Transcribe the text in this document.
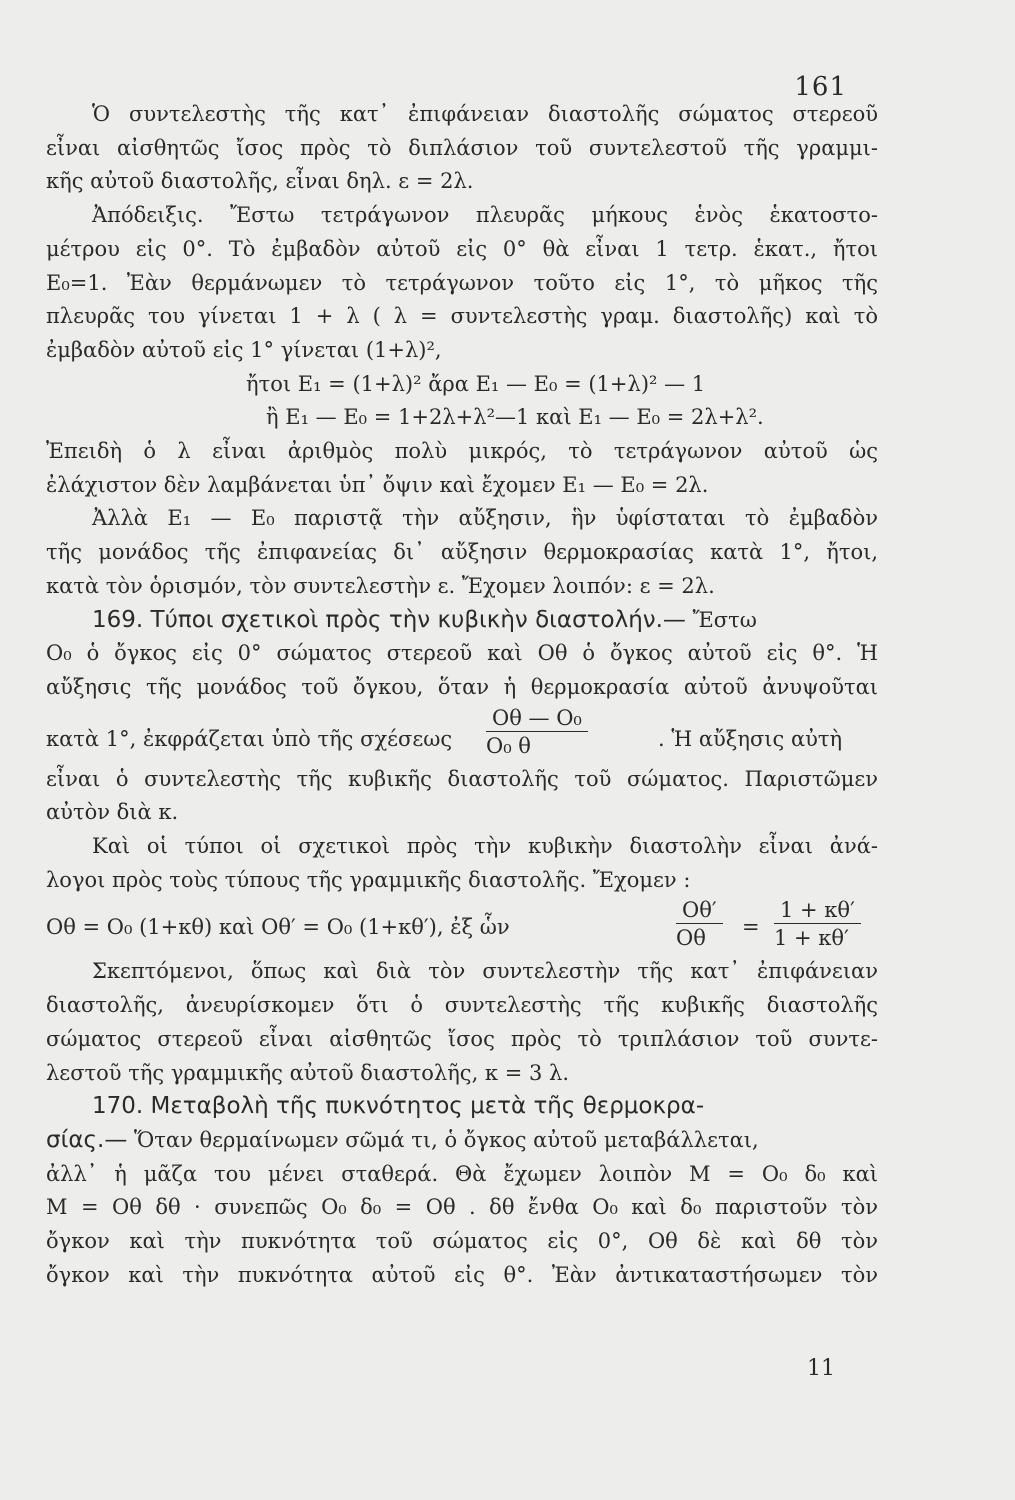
161
Ὁ συντελεστὴς τῆς κατ᾿ ἐπιφάνειαν διαστολῆς σώματος στερεοῦ
εἶναι αἰσθητῶς ἴσος πρὸς τὸ διπλάσιον τοῦ συντελεστοῦ τῆς γραμμι-
κῆς αὐτοῦ διαστολῆς, εἶναι δηλ. ε = 2λ.
Ἀπόδειξις. Ἔστω τετράγωνον πλευρᾶς μήκους ἑνὸς ἑκατοστο-
μέτρου εἰς 0°. Τὸ ἐμβαδὸν αὐτοῦ εἰς 0° θὰ εἶναι 1 τετρ. ἑκατ., ἤτοι
E₀=1. Ἐὰν θερμάνωμεν τὸ τετράγωνον τοῦτο εἰς 1°, τὸ μῆκος τῆς
πλευρᾶς του γίνεται 1 + λ ( λ = συντελεστὴς γραμ. διαστολῆς) καὶ τὸ
ἐμβαδὸν αὐτοῦ εἰς 1° γίνεται (1+λ)²,
ἤτοι E₁ = (1+λ)² ἄρα E₁ — E₀ = (1+λ)² — 1
ἢ E₁ — E₀ = 1+2λ+λ²—1 καὶ E₁ — E₀ = 2λ+λ².
Ἐπειδὴ ὁ λ εἶναι ἀριθμὸς πολὺ μικρός, τὸ τετράγωνον αὐτοῦ ὡς
ἐλάχιστον δὲν λαμβάνεται ὑπ᾿ ὄψιν καὶ ἔχομεν E₁ — E₀ = 2λ.
Ἀλλὰ E₁ — E₀ παριστᾷ τὴν αὔξησιν, ἣν ὑφίσταται τὸ ἐμβαδὸν
τῆς μονάδος τῆς ἐπιφανείας δι᾿ αὔξησιν θερμοκρασίας κατὰ 1°, ἤτοι,
κατὰ τὸν ὁρισμόν, τὸν συντελεστὴν ε. Ἔχομεν λοιπόν: ε = 2λ.
169. Τύποι σχετικοὶ πρὸς τὴν κυβικὴν διαστολήν.— Ἔστω
O₀ ὁ ὄγκος εἰς 0° σώματος στερεοῦ καὶ Oθ ὁ ὄγκος αὐτοῦ εἰς θ°. Ἡ
αὔξησις τῆς μονάδος τοῦ ὄγκου, ὅταν ἡ θερμοκρασία αὐτοῦ ἀνυψοῦται
κατὰ 1°, ἐκφράζεται ὑπὸ τῆς σχέσεως $\frac{\text{Oθ — O₀}}{\text{O₀ θ}}$	. Ἡ αὔξησις αὐτὴ
εἶναι ὁ συντελεστὴς τῆς κυβικῆς διαστολῆς τοῦ σώματος. Παριστῶμεν
αὐτὸν διὰ κ.
Καὶ οἱ τύποι οἱ σχετικοὶ πρὸς τὴν κυβικὴν διαστολὴν εἶναι ἀνά-
λογοι πρὸς τοὺς τύπους τῆς γραμμικῆς διαστολῆς. Ἔχομεν :
Oθ = O₀ (1+κθ) καὶ Oθ′ = O₀ (1+κθ′), ἐξ ὧν	$\frac{O\theta'}{O\theta} = \frac{1 + \kappa\theta'}{1 + \kappa\theta'}$
Σκεπτόμενοι, ὅπως καὶ διὰ τὸν συντελεστὴν τῆς κατ᾿ ἐπιφάνειαν
διαστολῆς, ἀνευρίσκομεν ὅτι ὁ συντελεστὴς τῆς κυβικῆς διαστολῆς
σώματος στερεοῦ εἶναι αἰσθητῶς ἴσος πρὸς τὸ τριπλάσιον τοῦ συντε-
λεστοῦ τῆς γραμμικῆς αὐτοῦ διαστολῆς, κ = 3 λ.
170. Μεταβολὴ τῆς πυκνότητος μετὰ τῆς θερμοκρα-
σίας.— Ὅταν θερμαίνωμεν σῶμά τι, ὁ ὄγκος αὐτοῦ μεταβάλλεται,
ἀλλ᾿ ἡ μᾶζα του μένει σταθερά. Θὰ ἔχωμεν λοιπὸν M = O₀ δ₀ καὶ
M = Oθ δθ · συνεπῶς O₀ δ₀ = Oθ . δθ ἔνθα O₀ καὶ δ₀ παριστοῦν τὸν
ὄγκον καὶ τὴν πυκνότητα τοῦ σώματος εἰς 0°, Oθ δὲ καὶ δθ τὸν
ὄγκον καὶ τὴν πυκνότητα αὐτοῦ εἰς θ°. Ἐὰν ἀντικαταστήσωμεν τὸν
11
